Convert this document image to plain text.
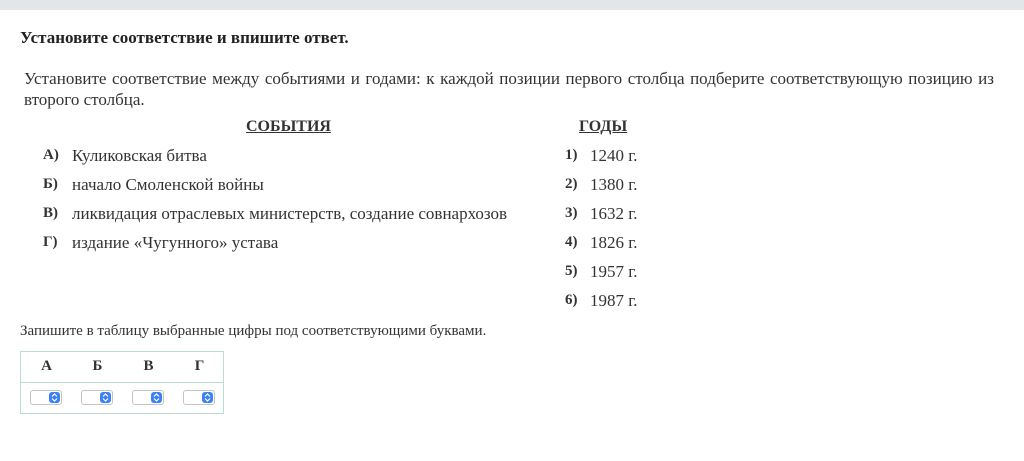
Установите соответствие и впишите ответ.
Установите соответствие между событиями и годами: к каждой позиции первого столбца подберите соответствующую позицию из второго столбца.
СОБЫТИЯ	ГОДЫ
А) Куликовская битва
Б) начало Смоленской войны
В) ликвидация отраслевых министерств, создание совнархозов
Г) издание «Чугунного» устава
1) 1240 г.
2) 1380 г.
3) 1632 г.
4) 1826 г.
5) 1957 г.
6) 1987 г.
Запишите в таблицу выбранные цифры под соответствующими буквами.
А	Б	В	Г
